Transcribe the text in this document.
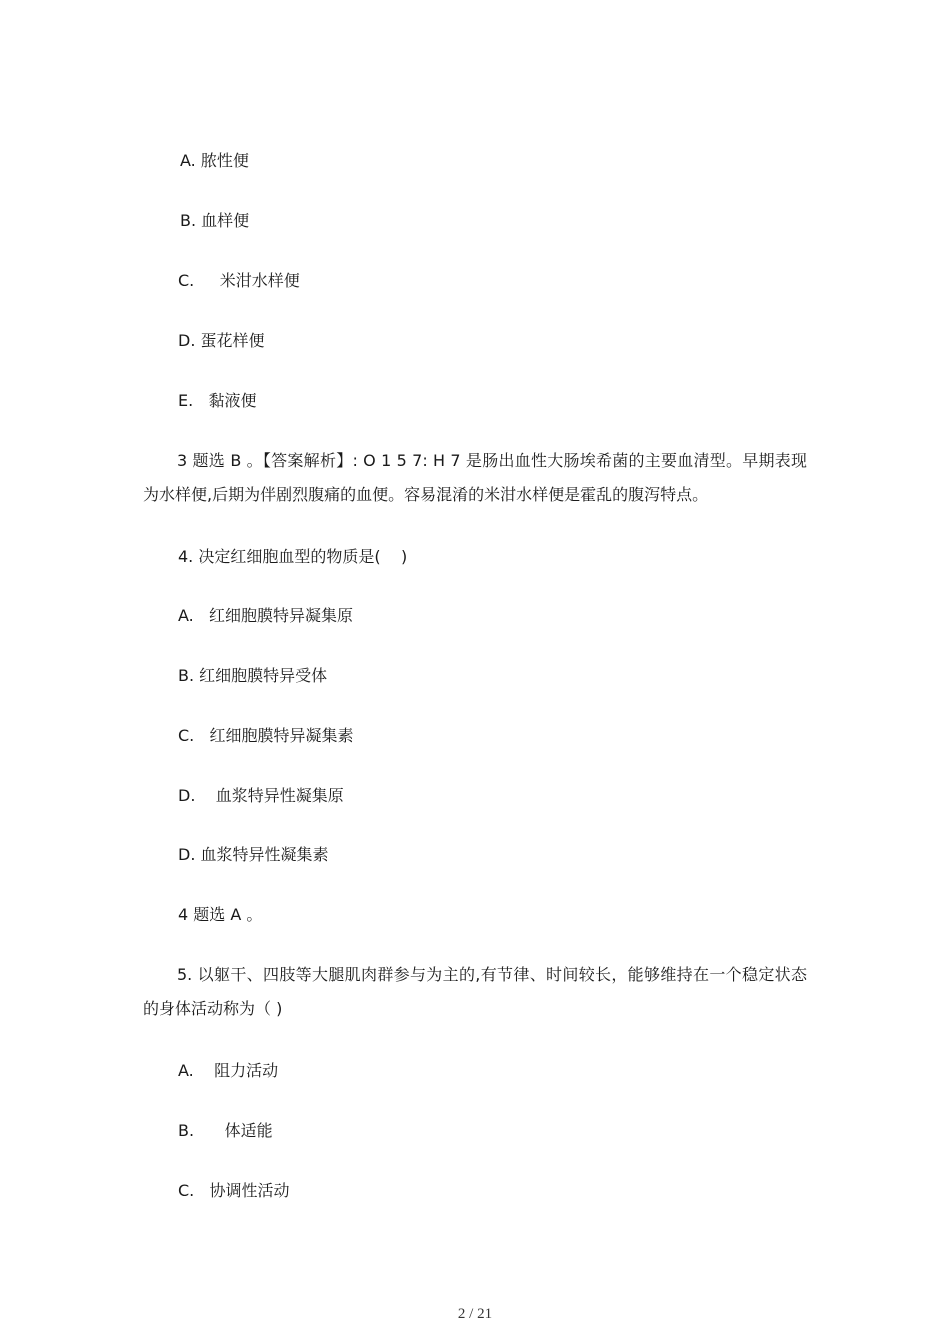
A. 脓性便
B. 血样便
C.     米泔水样便
D. 蛋花样便
E.   黏液便
3 题选 B 。【答案解析】: O 1 5 7: H 7 是肠出血性大肠埃希菌的主要血清型。早期表现为水样便,后期为伴剧烈腹痛的血便。容易混淆的米泔水样便是霍乱的腹泻特点。
4. 决定红细胞血型的物质是(    )
A.   红细胞膜特异凝集原
B. 红细胞膜特异受体
C.   红细胞膜特异凝集素
D.    血浆特异性凝集原
D. 血浆特异性凝集素
4 题选 A 。
5. 以躯干、四肢等大腿肌肉群参与为主的,有节律、时间较长，能够维持在一个稳定状态的身体活动称为（ )
A.    阻力活动
B.      体适能
C.   协调性活动
2 / 21
